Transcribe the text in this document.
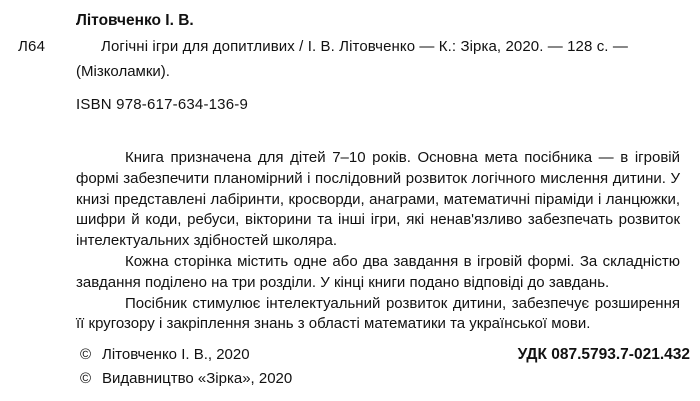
Л64
Літовченко І. В.
Логічні ігри для допитливих / І. В. Літовченко — К.: Зірка, 2020. — 128 с. —
(Мізколамки).
ISBN 978-617-634-136-9

Книга призначена для дітей 7–10 років. Основна мета посібника — в ігровій формі забезпечити планомірний і послідовний розвиток логічного мислення дитини. У книзі представлені лабіринти, кросворди, анаграми, математичні піраміди і ланцюжки, шифри й коди, ребуси, вікторини та інші ігри, які ненав'язливо забезпечать розвиток інтелектуальних здібностей школяра.

Кожна сторінка містить одне або два завдання в ігровій формі. За складністю завдання поділено на три розділи. У кінці книги подано відповіді до завдань.

Посібник стимулює інтелектуальний розвиток дитини, забезпечує розширення її кругозору і закріплення знань з області математики та української мови.

© Літовченко І. В., 2020
© Видавництво «Зірка», 2020
УДК 087.5793.7-021.432
